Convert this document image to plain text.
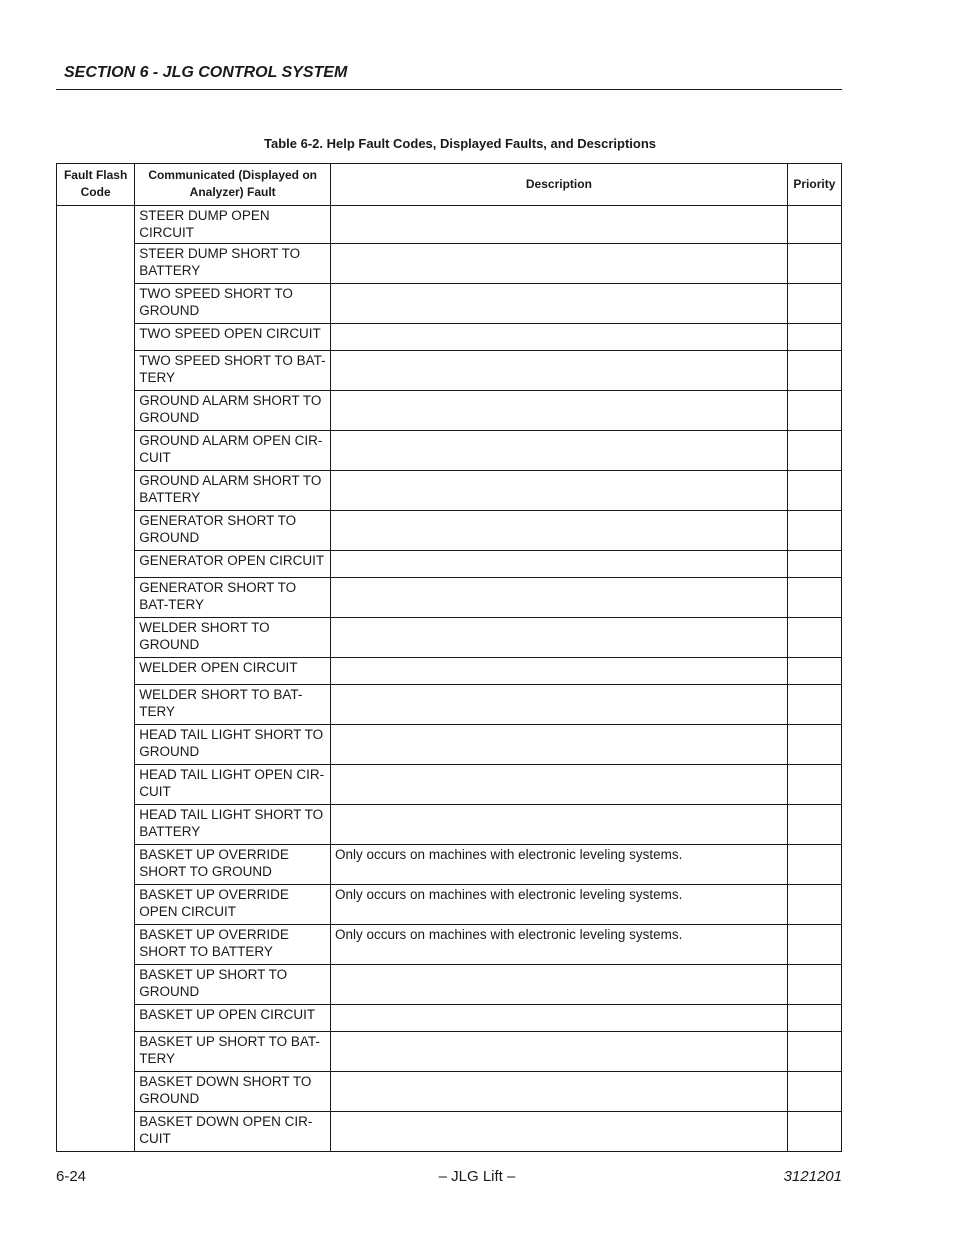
SECTION 6 - JLG CONTROL SYSTEM
Table 6-2. Help Fault Codes, Displayed Faults, and Descriptions
Fault Flash Code	Communicated (Displayed on Analyzer) Fault	Description	Priority
	STEER DUMP OPEN CIRCUIT		
	STEER DUMP SHORT TO BATTERY		
	TWO SPEED SHORT TO GROUND		
	TWO SPEED OPEN CIRCUIT		
	TWO SPEED SHORT TO BAT-TERY		
	GROUND ALARM SHORT TO GROUND		
	GROUND ALARM OPEN CIR-CUIT		
	GROUND ALARM SHORT TO BATTERY		
	GENERATOR SHORT TO GROUND		
	GENERATOR OPEN CIRCUIT		
	GENERATOR SHORT TO BAT-TERY		
	WELDER SHORT TO GROUND		
	WELDER OPEN CIRCUIT		
	WELDER SHORT TO BAT-TERY		
	HEAD TAIL LIGHT SHORT TO GROUND		
	HEAD TAIL LIGHT OPEN CIR-CUIT		
	HEAD TAIL LIGHT SHORT TO BATTERY		
	BASKET UP OVERRIDE SHORT TO GROUND	Only occurs on machines with electronic leveling systems.	
	BASKET UP OVERRIDE OPEN CIRCUIT	Only occurs on machines with electronic leveling systems.	
	BASKET UP OVERRIDE SHORT TO BATTERY	Only occurs on machines with electronic leveling systems.	
	BASKET UP SHORT TO GROUND		
	BASKET UP OPEN CIRCUIT		
	BASKET UP SHORT TO BAT-TERY		
	BASKET DOWN SHORT TO GROUND		
	BASKET DOWN OPEN CIR-CUIT		
6-24	– JLG Lift –	3121201
